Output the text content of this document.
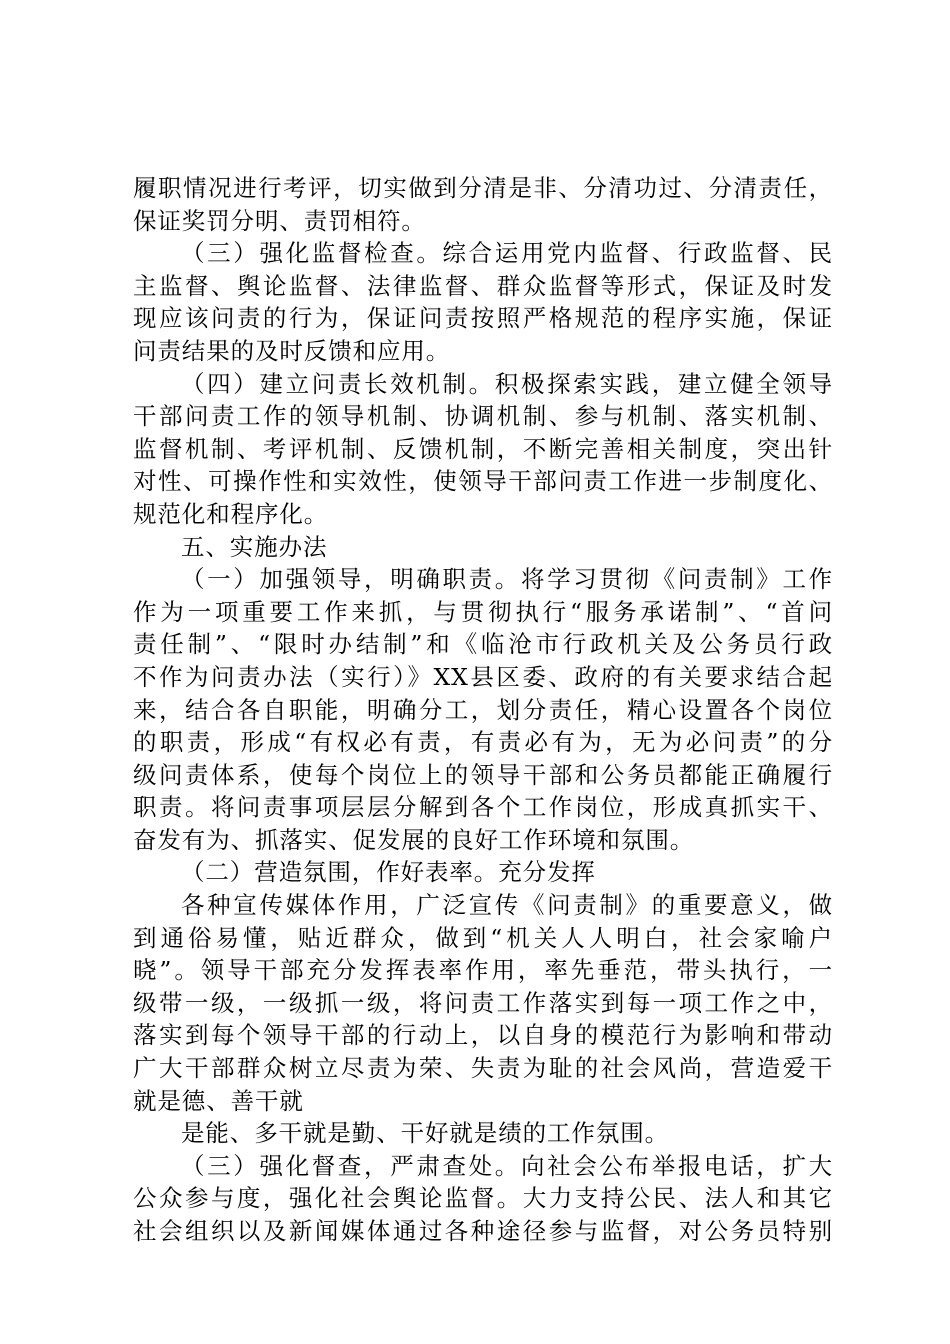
履职情况进行考评，切实做到分清是非、分清功过、分清责任，
保证奖罚分明、责罚相符。
（三）强化监督检查。综合运用党内监督、行政监督、民
主监督、舆论监督、法律监督、群众监督等形式，保证及时发
现应该问责的行为，保证问责按照严格规范的程序实施，保证
问责结果的及时反馈和应用。
（四）建立问责长效机制。积极探索实践，建立健全领导
干部问责工作的领导机制、协调机制、参与机制、落实机制、
监督机制、考评机制、反馈机制，不断完善相关制度，突出针
对性、可操作性和实效性，使领导干部问责工作进一步制度化、
规范化和程序化。
五、实施办法
（一）加强领导，明确职责。将学习贯彻《问责制》工作
作为一项重要工作来抓，与贯彻执行“服务承诺制”、“首问
责任制”、“限时办结制”和《临沧市行政机关及公务员行政
不作为问责办法（实行）》XX县区委、政府的有关要求结合起
来，结合各自职能，明确分工，划分责任，精心设置各个岗位
的职责，形成“有权必有责，有责必有为，无为必问责”的分
级问责体系，使每个岗位上的领导干部和公务员都能正确履行
职责。将问责事项层层分解到各个工作岗位，形成真抓实干、
奋发有为、抓落实、促发展的良好工作环境和氛围。
（二）营造氛围，作好表率。充分发挥
各种宣传媒体作用，广泛宣传《问责制》的重要意义，做
到通俗易懂，贴近群众，做到“机关人人明白，社会家喻户
晓”。领导干部充分发挥表率作用，率先垂范，带头执行，一
级带一级，一级抓一级，将问责工作落实到每一项工作之中，
落实到每个领导干部的行动上，以自身的模范行为影响和带动
广大干部群众树立尽责为荣、失责为耻的社会风尚，营造爱干
就是德、善干就
是能、多干就是勤、干好就是绩的工作氛围。
（三）强化督查，严肃查处。向社会公布举报电话，扩大
公众参与度，强化社会舆论监督。大力支持公民、法人和其它
社会组织以及新闻媒体通过各种途径参与监督，对公务员特别
